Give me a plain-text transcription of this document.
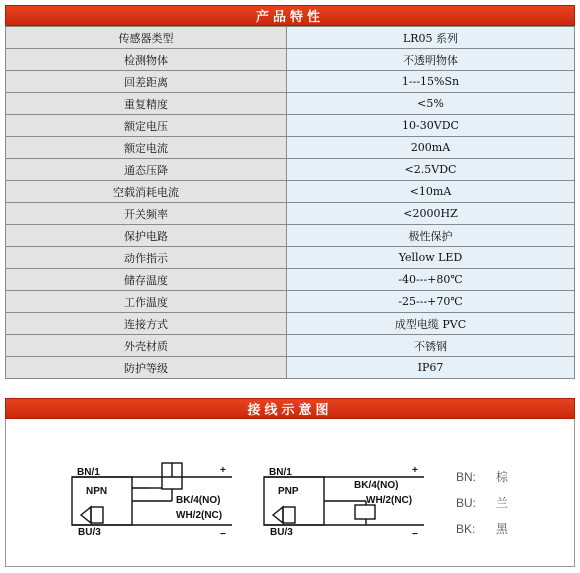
产品特性
传感器类型	LR05 系列
检测物体	不透明物体
回差距离	1---15%Sn
重复精度	<5%
额定电压	10-30VDC
额定电流	200mA
通态压降	<2.5VDC
空载消耗电流	<10mA
开关频率	<2000HZ
保护电路	极性保护
动作指示	Yellow LED
储存温度	-40---+80℃
工作温度	-25---+70℃
连接方式	成型电缆 PVC
外壳材质	不锈钢
防护等级	IP67
接线示意图
BN/1
BU/3
NPN
BK/4(NO)
WH/2(NC)
+
−
BN/1
BU/3
PNP
BK/4(NO)
WH/2(NC)
+
−
BN: 棕
BU: 兰
BK: 黑
